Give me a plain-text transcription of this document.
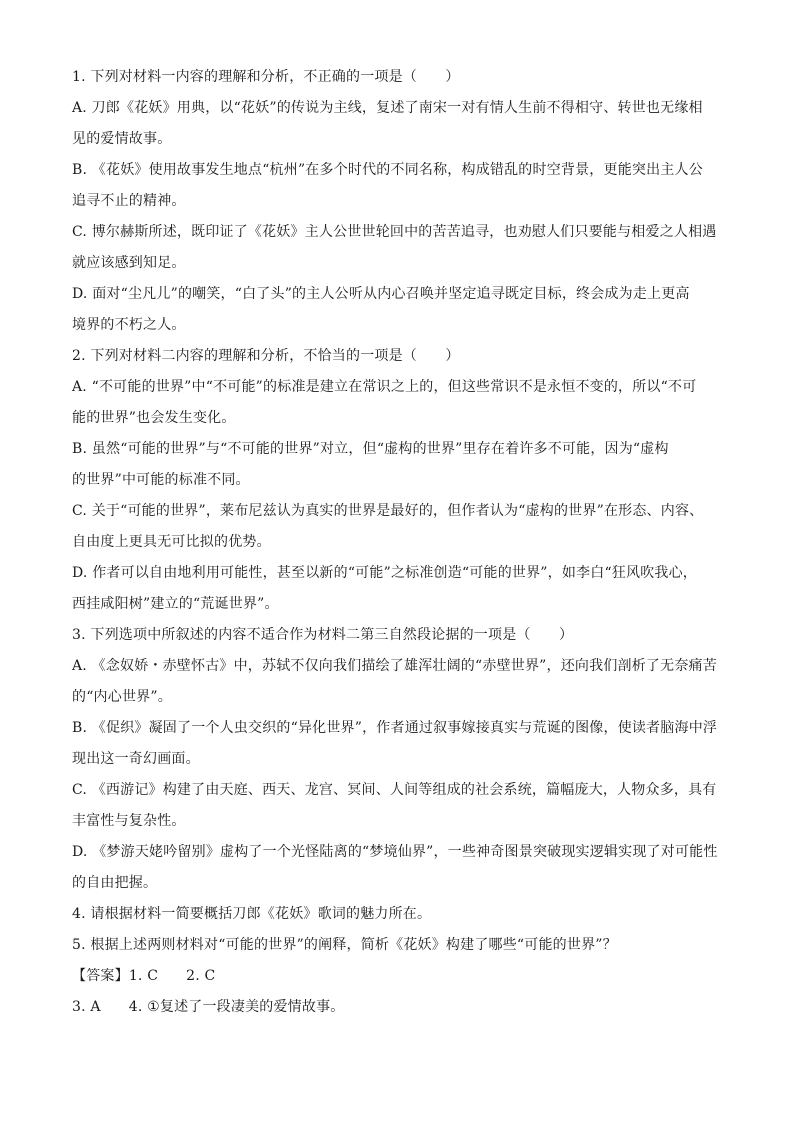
1. 下列对材料一内容的理解和分析，不正确的一项是（　　）
A. 刀郎《花妖》用典，以“花妖”的传说为主线，复述了南宋一对有情人生前不得相守、转世也无缘相
见的爱情故事。
B. 《花妖》使用故事发生地点“杭州”在多个时代的不同名称，构成错乱的时空背景，更能突出主人公
追寻不止的精神。
C. 博尔赫斯所述，既印证了《花妖》主人公世世轮回中的苦苦追寻，也劝慰人们只要能与相爱之人相遇
就应该感到知足。
D. 面对“尘凡儿”的嘲笑，“白了头”的主人公听从内心召唤并坚定追寻既定目标，终会成为走上更高
境界的不朽之人。
2. 下列对材料二内容的理解和分析，不恰当的一项是（　　）
A. “不可能的世界”中“不可能”的标准是建立在常识之上的，但这些常识不是永恒不变的，所以“不可
能的世界”也会发生变化。
B. 虽然“可能的世界”与“不可能的世界”对立，但“虚构的世界”里存在着许多不可能，因为“虚构
的世界”中可能的标准不同。
C. 关于“可能的世界”，莱布尼兹认为真实的世界是最好的，但作者认为“虚构的世界”在形态、内容、
自由度上更具无可比拟的优势。
D. 作者可以自由地利用可能性，甚至以新的“可能”之标准创造“可能的世界”，如李白“狂风吹我心，
西挂咸阳树”建立的“荒诞世界”。
3. 下列选项中所叙述的内容不适合作为材料二第三自然段论据的一项是（　　）
A. 《念奴娇・赤壁怀古》中，苏轼不仅向我们描绘了雄浑壮阔的“赤壁世界”，还向我们剖析了无奈痛苦
的“内心世界”。
B. 《促织》凝固了一个人虫交织的“异化世界”，作者通过叙事嫁接真实与荒诞的图像，使读者脑海中浮
现出这一奇幻画面。
C. 《西游记》构建了由天庭、西天、龙宫、冥间、人间等组成的社会系统，篇幅庞大，人物众多，具有
丰富性与复杂性。
D. 《梦游天姥吟留别》虚构了一个光怪陆离的“梦境仙界”，一些神奇图景突破现实逻辑实现了对可能性
的自由把握。
4. 请根据材料一简要概括刀郎《花妖》歌词的魅力所在。
5. 根据上述两则材料对“可能的世界”的阐释，简析《花妖》构建了哪些“可能的世界”？
【答案】1. C 2. C
3. A 4. ①复述了一段凄美的爱情故事。
